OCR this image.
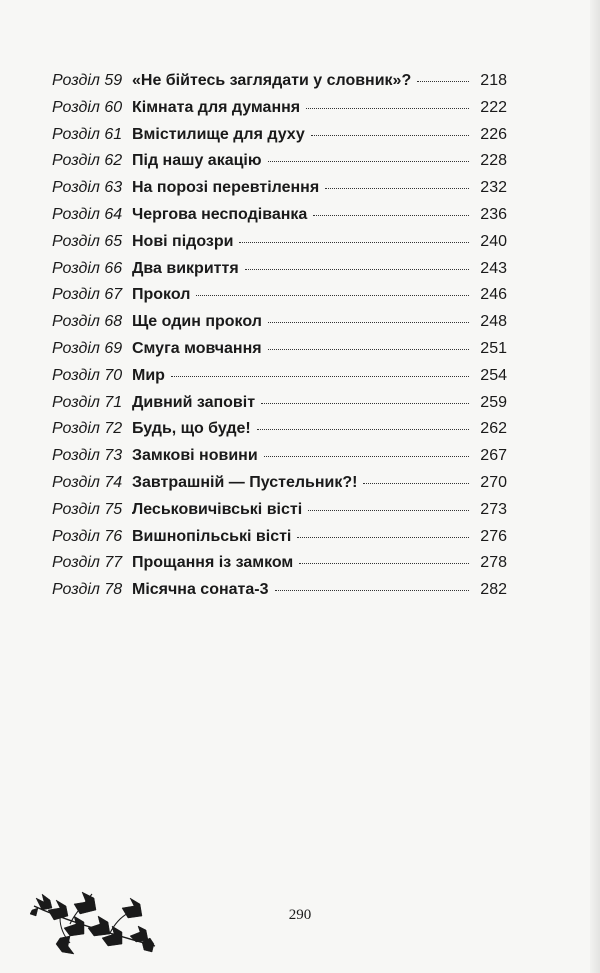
Розділ 59 «Не бійтесь заглядати у словник»?	218
Розділ 60 Кімната для думання	222
Розділ 61 Вмістилище для духу	226
Розділ 62 Під нашу акацію	228
Розділ 63 На порозі перевтілення	232
Розділ 64 Чергова несподіванка	236
Розділ 65 Нові підозри	240
Розділ 66 Два викриття	243
Розділ 67 Прокол	246
Розділ 68 Ще один прокол	248
Розділ 69 Смуга мовчання	251
Розділ 70 Мир	254
Розділ 71 Дивний заповіт	259
Розділ 72 Будь, що буде!	262
Розділ 73 Замкові новини	267
Розділ 74 Завтрашній — Пустельник?!	270
Розділ 75 Леськовичівські вісті	273
Розділ 76 Вишнопільські вісті	276
Розділ 77 Прощання із замком	278
Розділ 78 Місячна соната-3	282
290
